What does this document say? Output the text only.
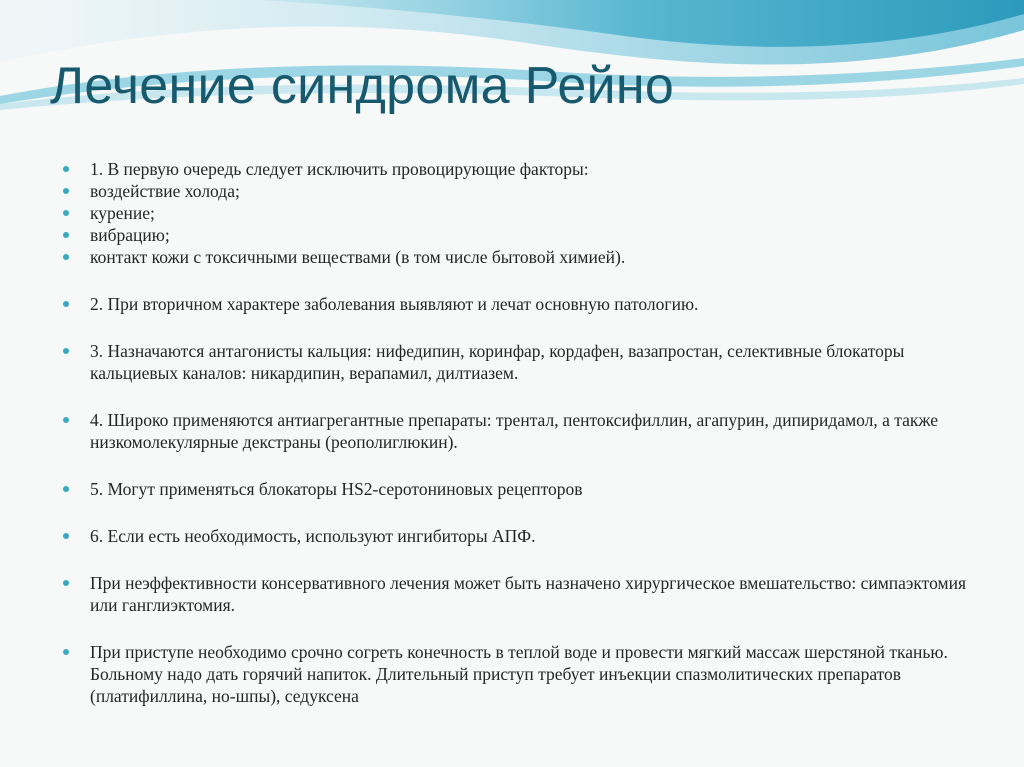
Лечение синдрома Рейно
1. В первую очередь следует исключить провоцирующие факторы:
воздействие холода;
курение;
вибрацию;
контакт кожи с токсичными веществами (в том числе бытовой химией).
2. При вторичном характере заболевания выявляют и лечат основную патологию.
3. Назначаются антагонисты кальция: нифедипин, коринфар, кордафен, вазапростан, селективные блокаторы кальциевых каналов: никардипин, верапамил, дилтиазем.
4. Широко применяются антиагрегантные препараты: трентал, пентоксифиллин, агапурин, дипиридамол, а также низкомолекулярные декстраны (реополиглюкин).
5. Могут применяться блокаторы HS2-серотониновых рецепторов
6. Если есть необходимость, используют ингибиторы АПФ.
При неэффективности консервативного лечения может быть назначено хирургическое вмешательство: симпаэктомия или ганглиэктомия.
При приступе необходимо срочно согреть конечность в теплой воде и провести мягкий массаж шерстяной тканью. Больному надо дать горячий напиток. Длительный приступ требует инъекции спазмолитических препаратов (платифиллина, но-шпы), седуксена
